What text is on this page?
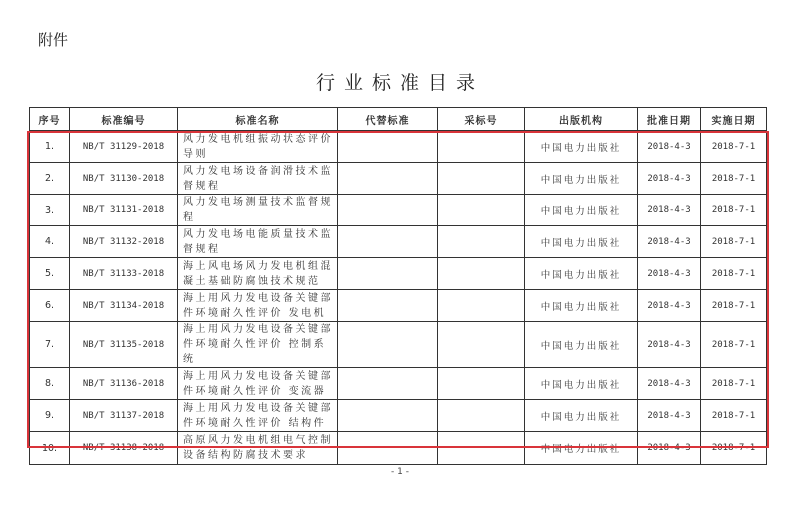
附件
行业标准目录
序号	标准编号	标准名称	代替标准	采标号	出版机构	批准日期	实施日期
1.	NB/T 31129-2018	风力发电机组振动状态评价导则			中国电力出版社	2018-4-3	2018-7-1
2.	NB/T 31130-2018	风力发电场设备润滑技术监督规程			中国电力出版社	2018-4-3	2018-7-1
3.	NB/T 31131-2018	风力发电场测量技术监督规程			中国电力出版社	2018-4-3	2018-7-1
4.	NB/T 31132-2018	风力发电场电能质量技术监督规程			中国电力出版社	2018-4-3	2018-7-1
5.	NB/T 31133-2018	海上风电场风力发电机组混凝土基础防腐蚀技术规范			中国电力出版社	2018-4-3	2018-7-1
6.	NB/T 31134-2018	海上用风力发电设备关键部件环境耐久性评价 发电机			中国电力出版社	2018-4-3	2018-7-1
7.	NB/T 31135-2018	海上用风力发电设备关键部件环境耐久性评价 控制系统			中国电力出版社	2018-4-3	2018-7-1
8.	NB/T 31136-2018	海上用风力发电设备关键部件环境耐久性评价 变流器			中国电力出版社	2018-4-3	2018-7-1
9.	NB/T 31137-2018	海上用风力发电设备关键部件环境耐久性评价 结构件			中国电力出版社	2018-4-3	2018-7-1
10.	NB/T 31138-2018	高原风力发电机组电气控制设备结构防腐技术要求			中国电力出版社	2018-4-3	2018-7-1
- 1 -
